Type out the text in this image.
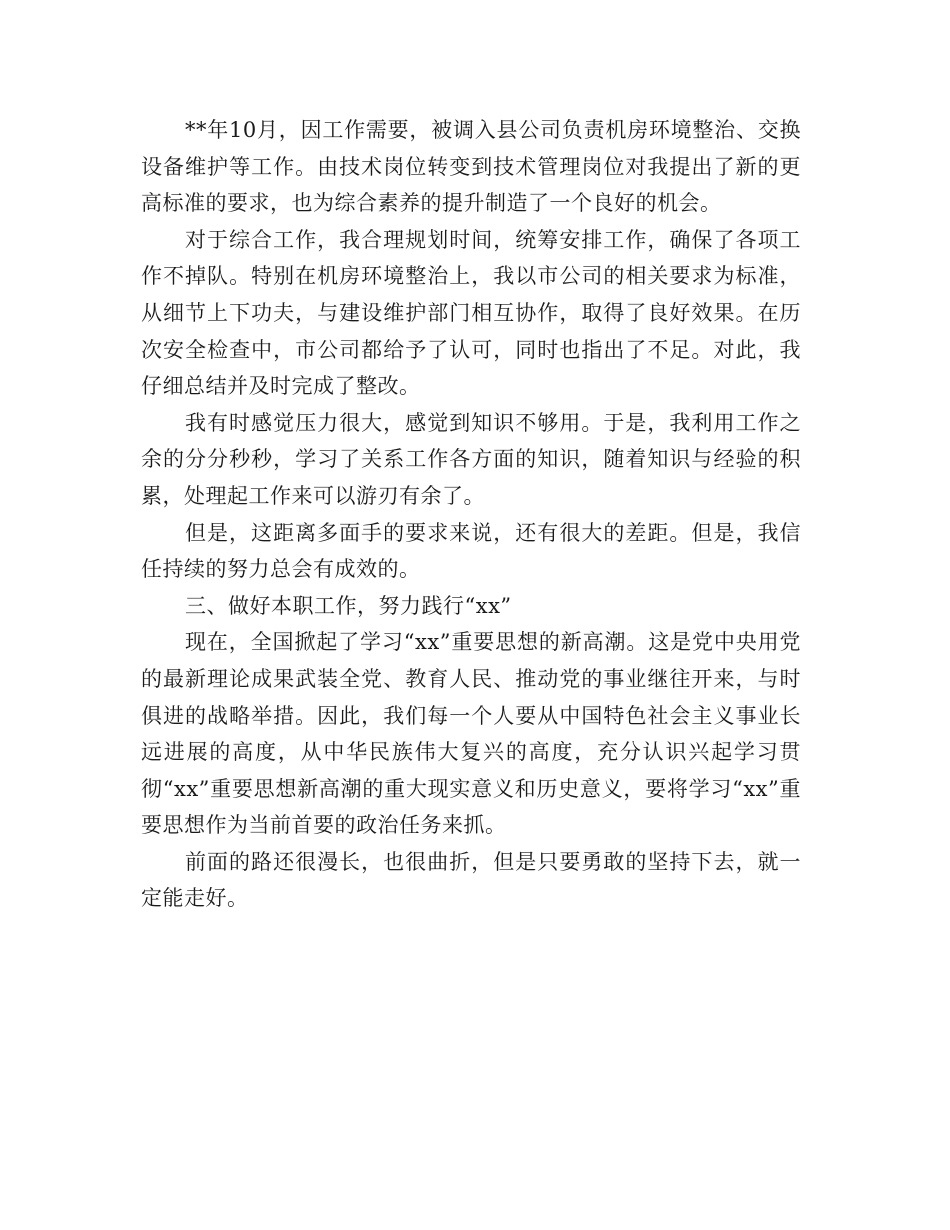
**年10月，因工作需要，被调入县公司负责机房环境整治、交换设备维护等工作。由技术岗位转变到技术管理岗位对我提出了新的更高标准的要求，也为综合素养的提升制造了一个良好的机会。

对于综合工作，我合理规划时间，统筹安排工作，确保了各项工作不掉队。特别在机房环境整治上，我以市公司的相关要求为标准，从细节上下功夫，与建设维护部门相互协作，取得了良好效果。在历次安全检查中，市公司都给予了认可，同时也指出了不足。对此，我仔细总结并及时完成了整改。

我有时感觉压力很大，感觉到知识不够用。于是，我利用工作之余的分分秒秒，学习了关系工作各方面的知识，随着知识与经验的积累，处理起工作来可以游刃有余了。

但是，这距离多面手的要求来说，还有很大的差距。但是，我信任持续的努力总会有成效的。

三、做好本职工作，努力践行“xx”

现在，全国掀起了学习“xx”重要思想的新高潮。这是党中央用党的最新理论成果武装全党、教育人民、推动党的事业继往开来，与时俱进的战略举措。因此，我们每一个人要从中国特色社会主义事业长远进展的高度，从中华民族伟大复兴的高度，充分认识兴起学习贯彻“xx”重要思想新高潮的重大现实意义和历史意义，要将学习“xx”重要思想作为当前首要的政治任务来抓。

前面的路还很漫长，也很曲折，但是只要勇敢的坚持下去，就一定能走好。
